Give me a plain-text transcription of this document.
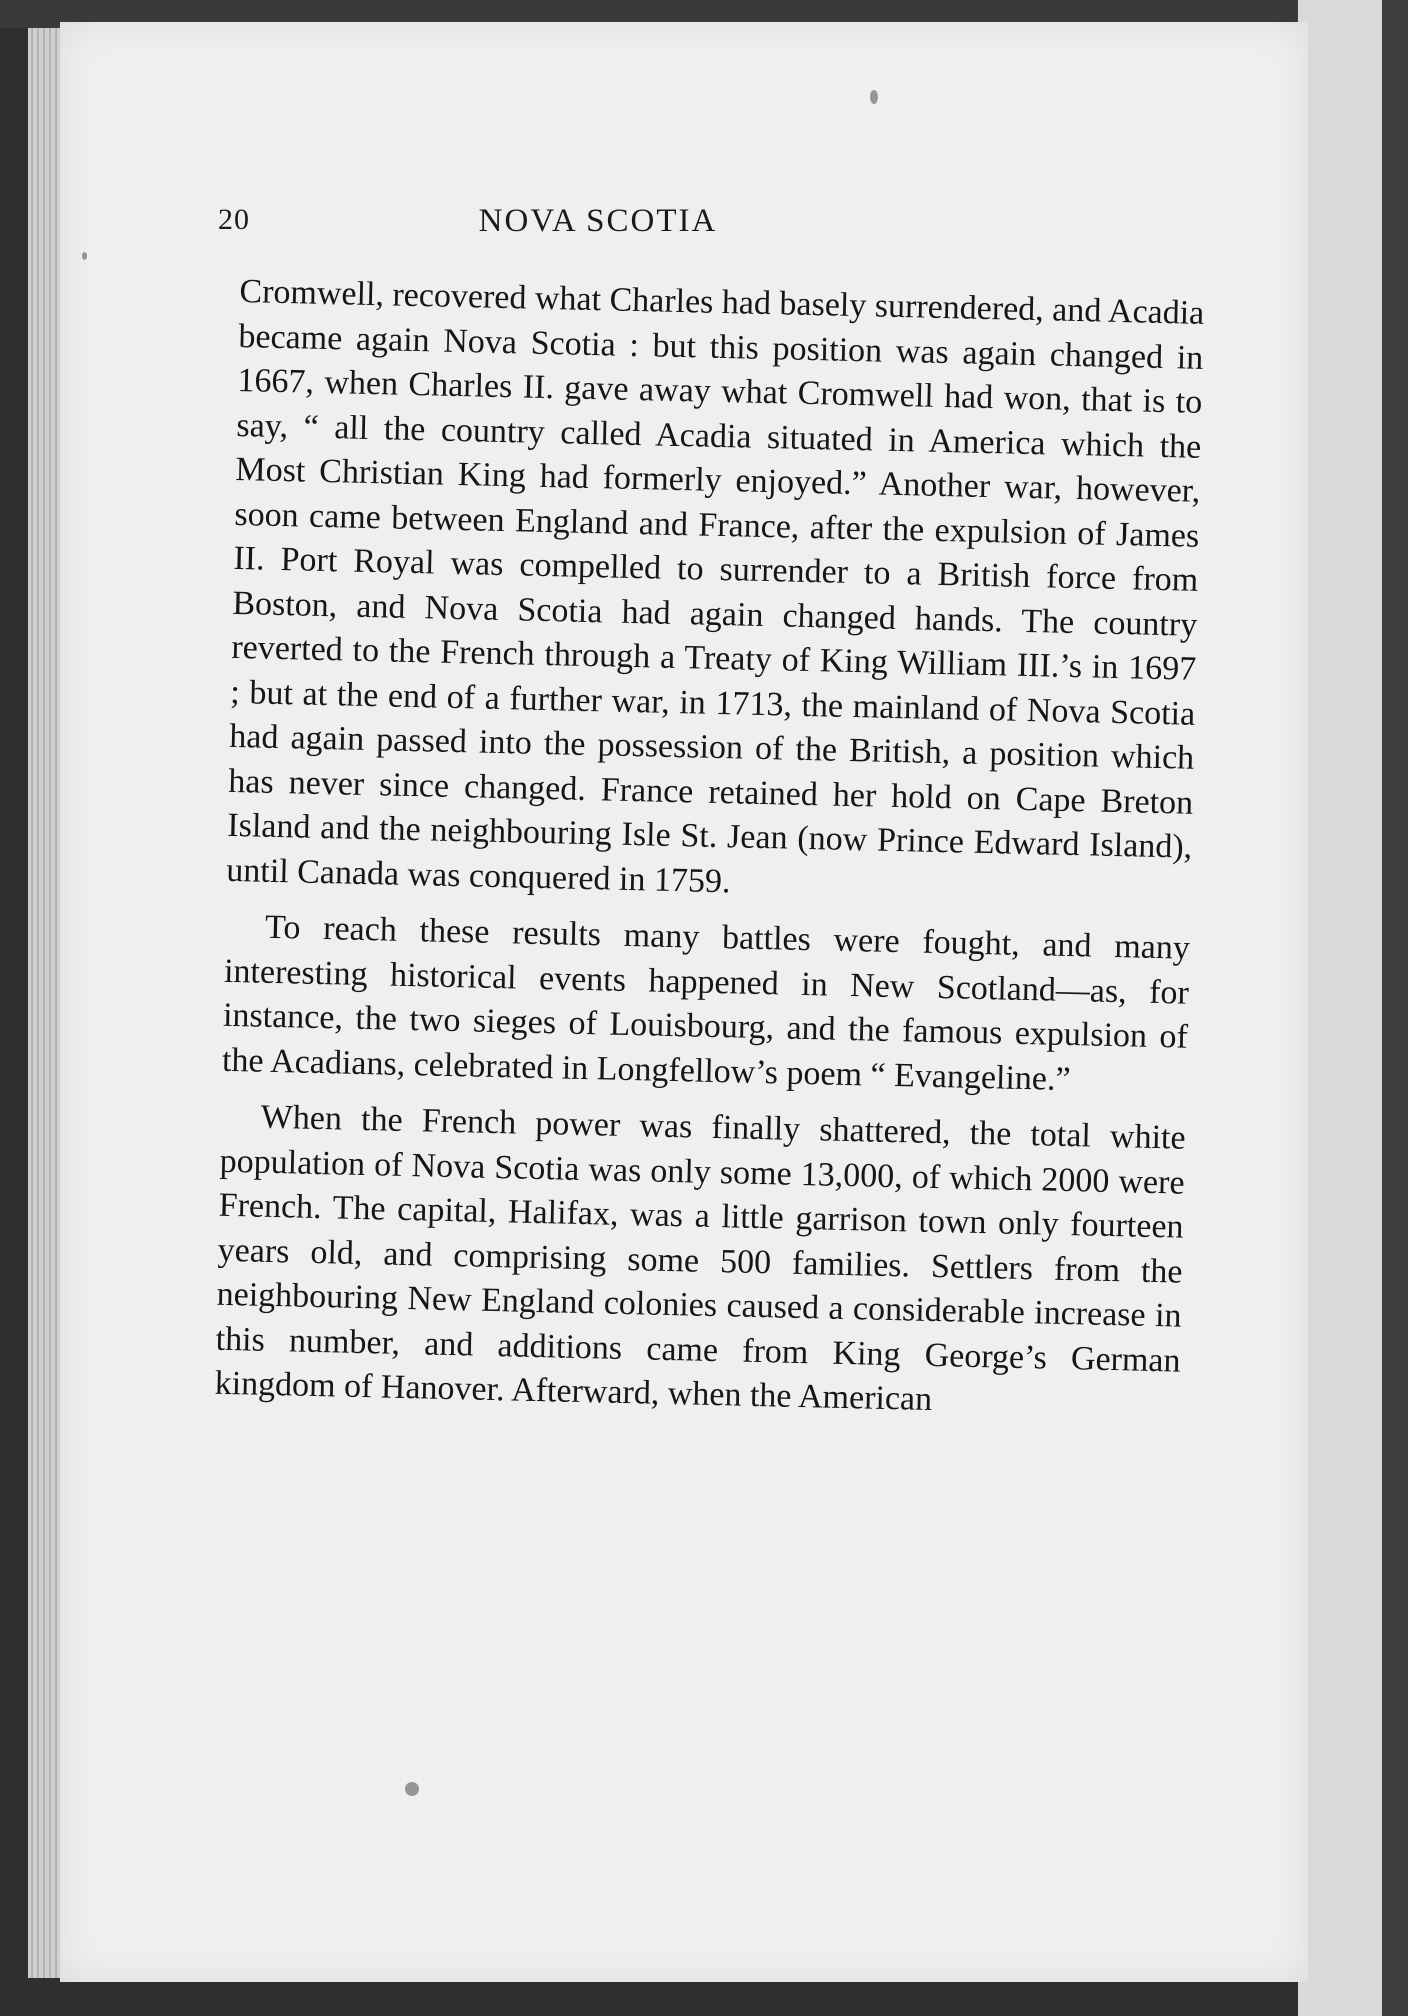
20	NOVA SCOTIA

Cromwell, recovered what Charles had basely surrendered, and Acadia became again Nova Scotia : but this position was again changed in 1667, when Charles II. gave away what Cromwell had won, that is to say, “ all the country called Acadia situated in America which the Most Christian King had formerly enjoyed.” Another war, however, soon came between England and France, after the expulsion of James II. Port Royal was compelled to surrender to a British force from Boston, and Nova Scotia had again changed hands. The country reverted to the French through a Treaty of King William III.’s in 1697 ; but at the end of a further war, in 1713, the mainland of Nova Scotia had again passed into the possession of the British, a position which has never since changed. France retained her hold on Cape Breton Island and the neighbouring Isle St. Jean (now Prince Edward Island), until Canada was conquered in 1759.

To reach these results many battles were fought, and many interesting historical events happened in New Scotland—as, for instance, the two sieges of Louisbourg, and the famous expulsion of the Acadians, celebrated in Longfellow’s poem “ Evangeline.”

When the French power was finally shattered, the total white population of Nova Scotia was only some 13,000, of which 2000 were French. The capital, Halifax, was a little garrison town only fourteen years old, and comprising some 500 families. Settlers from the neighbouring New England colonies caused a considerable increase in this number, and additions came from King George’s German kingdom of Hanover. Afterward, when the American
